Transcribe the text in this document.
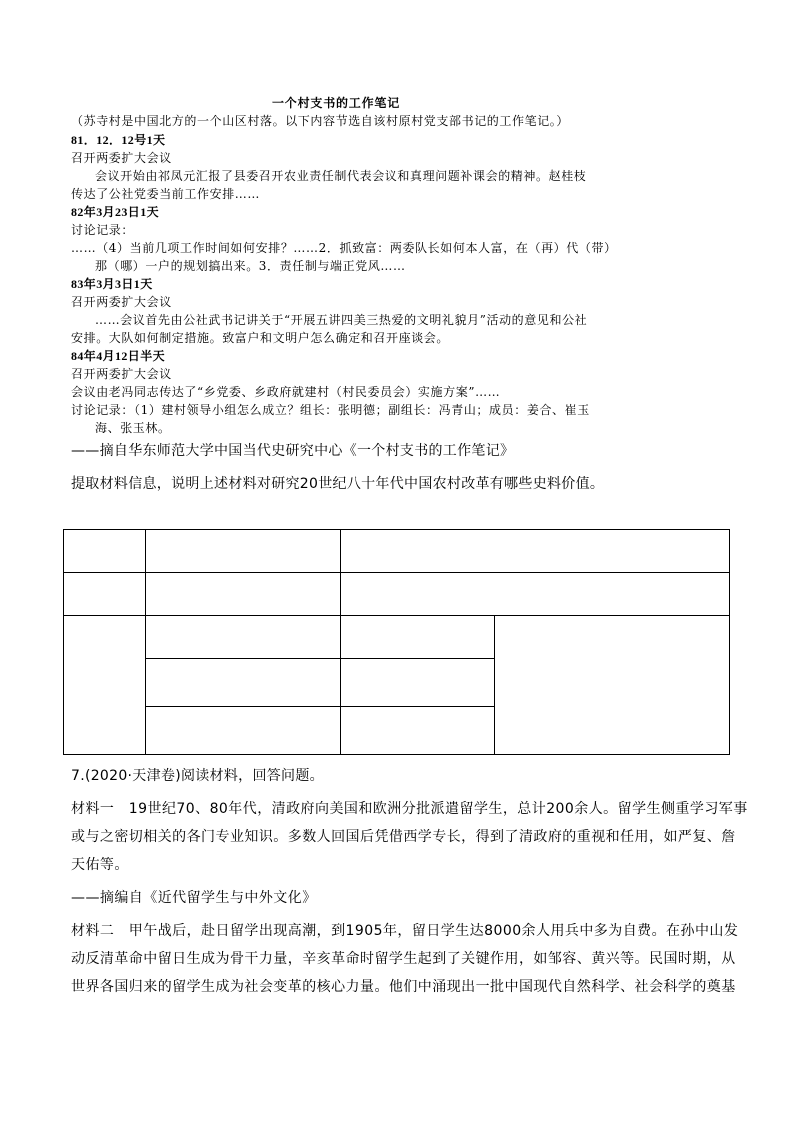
一个村支书的工作笔记
（苏寺村是中国北方的一个山区村落。以下内容节选自该村原村党支部书记的工作笔记。）
81．12．12号1天
召开两委扩大会议
会议开始由祁凤元汇报了县委召开农业责任制代表会议和真理问题补课会的精神。赵桂枝
传达了公社党委当前工作安排……
82年3月23日1天
讨论记录：
……（4）当前几项工作时间如何安排？……2．抓致富：两委队长如何本人富，在（再）代（带）
那（哪）一户的规划搞出来。3．责任制与端正党风……
83年3月3日1天
召开两委扩大会议
……会议首先由公社武书记讲关于“开展五讲四美三热爱的文明礼貌月”活动的意见和公社
安排。大队如何制定措施。致富户和文明户怎么确定和召开座谈会。
84年4月12日半天
召开两委扩大会议
会议由老冯同志传达了“乡党委、乡政府就建村（村民委员会）实施方案”……
讨论记录：（1）建村领导小组怎么成立？组长：张明德；副组长：冯青山；成员：姜合、崔玉
海、张玉林。
——摘自华东师范大学中国当代史研究中心《一个村支书的工作笔记》
提取材料信息，说明上述材料对研究20世纪八十年代中国农村改革有哪些史料价值。
7.(2020·天津卷)阅读材料，回答问题。
材料一　19世纪70、80年代，清政府向美国和欧洲分批派遣留学生，总计200余人。留学生侧重学习军事
或与之密切相关的各门专业知识。多数人回国后凭借西学专长，得到了清政府的重视和任用，如严复、詹
天佑等。
——摘编自《近代留学生与中外文化》
材料二　甲午战后，赴日留学出现高潮，到1905年，留日学生达8000余人用兵中多为自费。在孙中山发
动反清革命中留日生成为骨干力量，辛亥革命时留学生起到了关键作用，如邹容、黄兴等。民国时期，从
世界各国归来的留学生成为社会变革的核心力量。他们中涌现出一批中国现代自然科学、社会科学的奠基
